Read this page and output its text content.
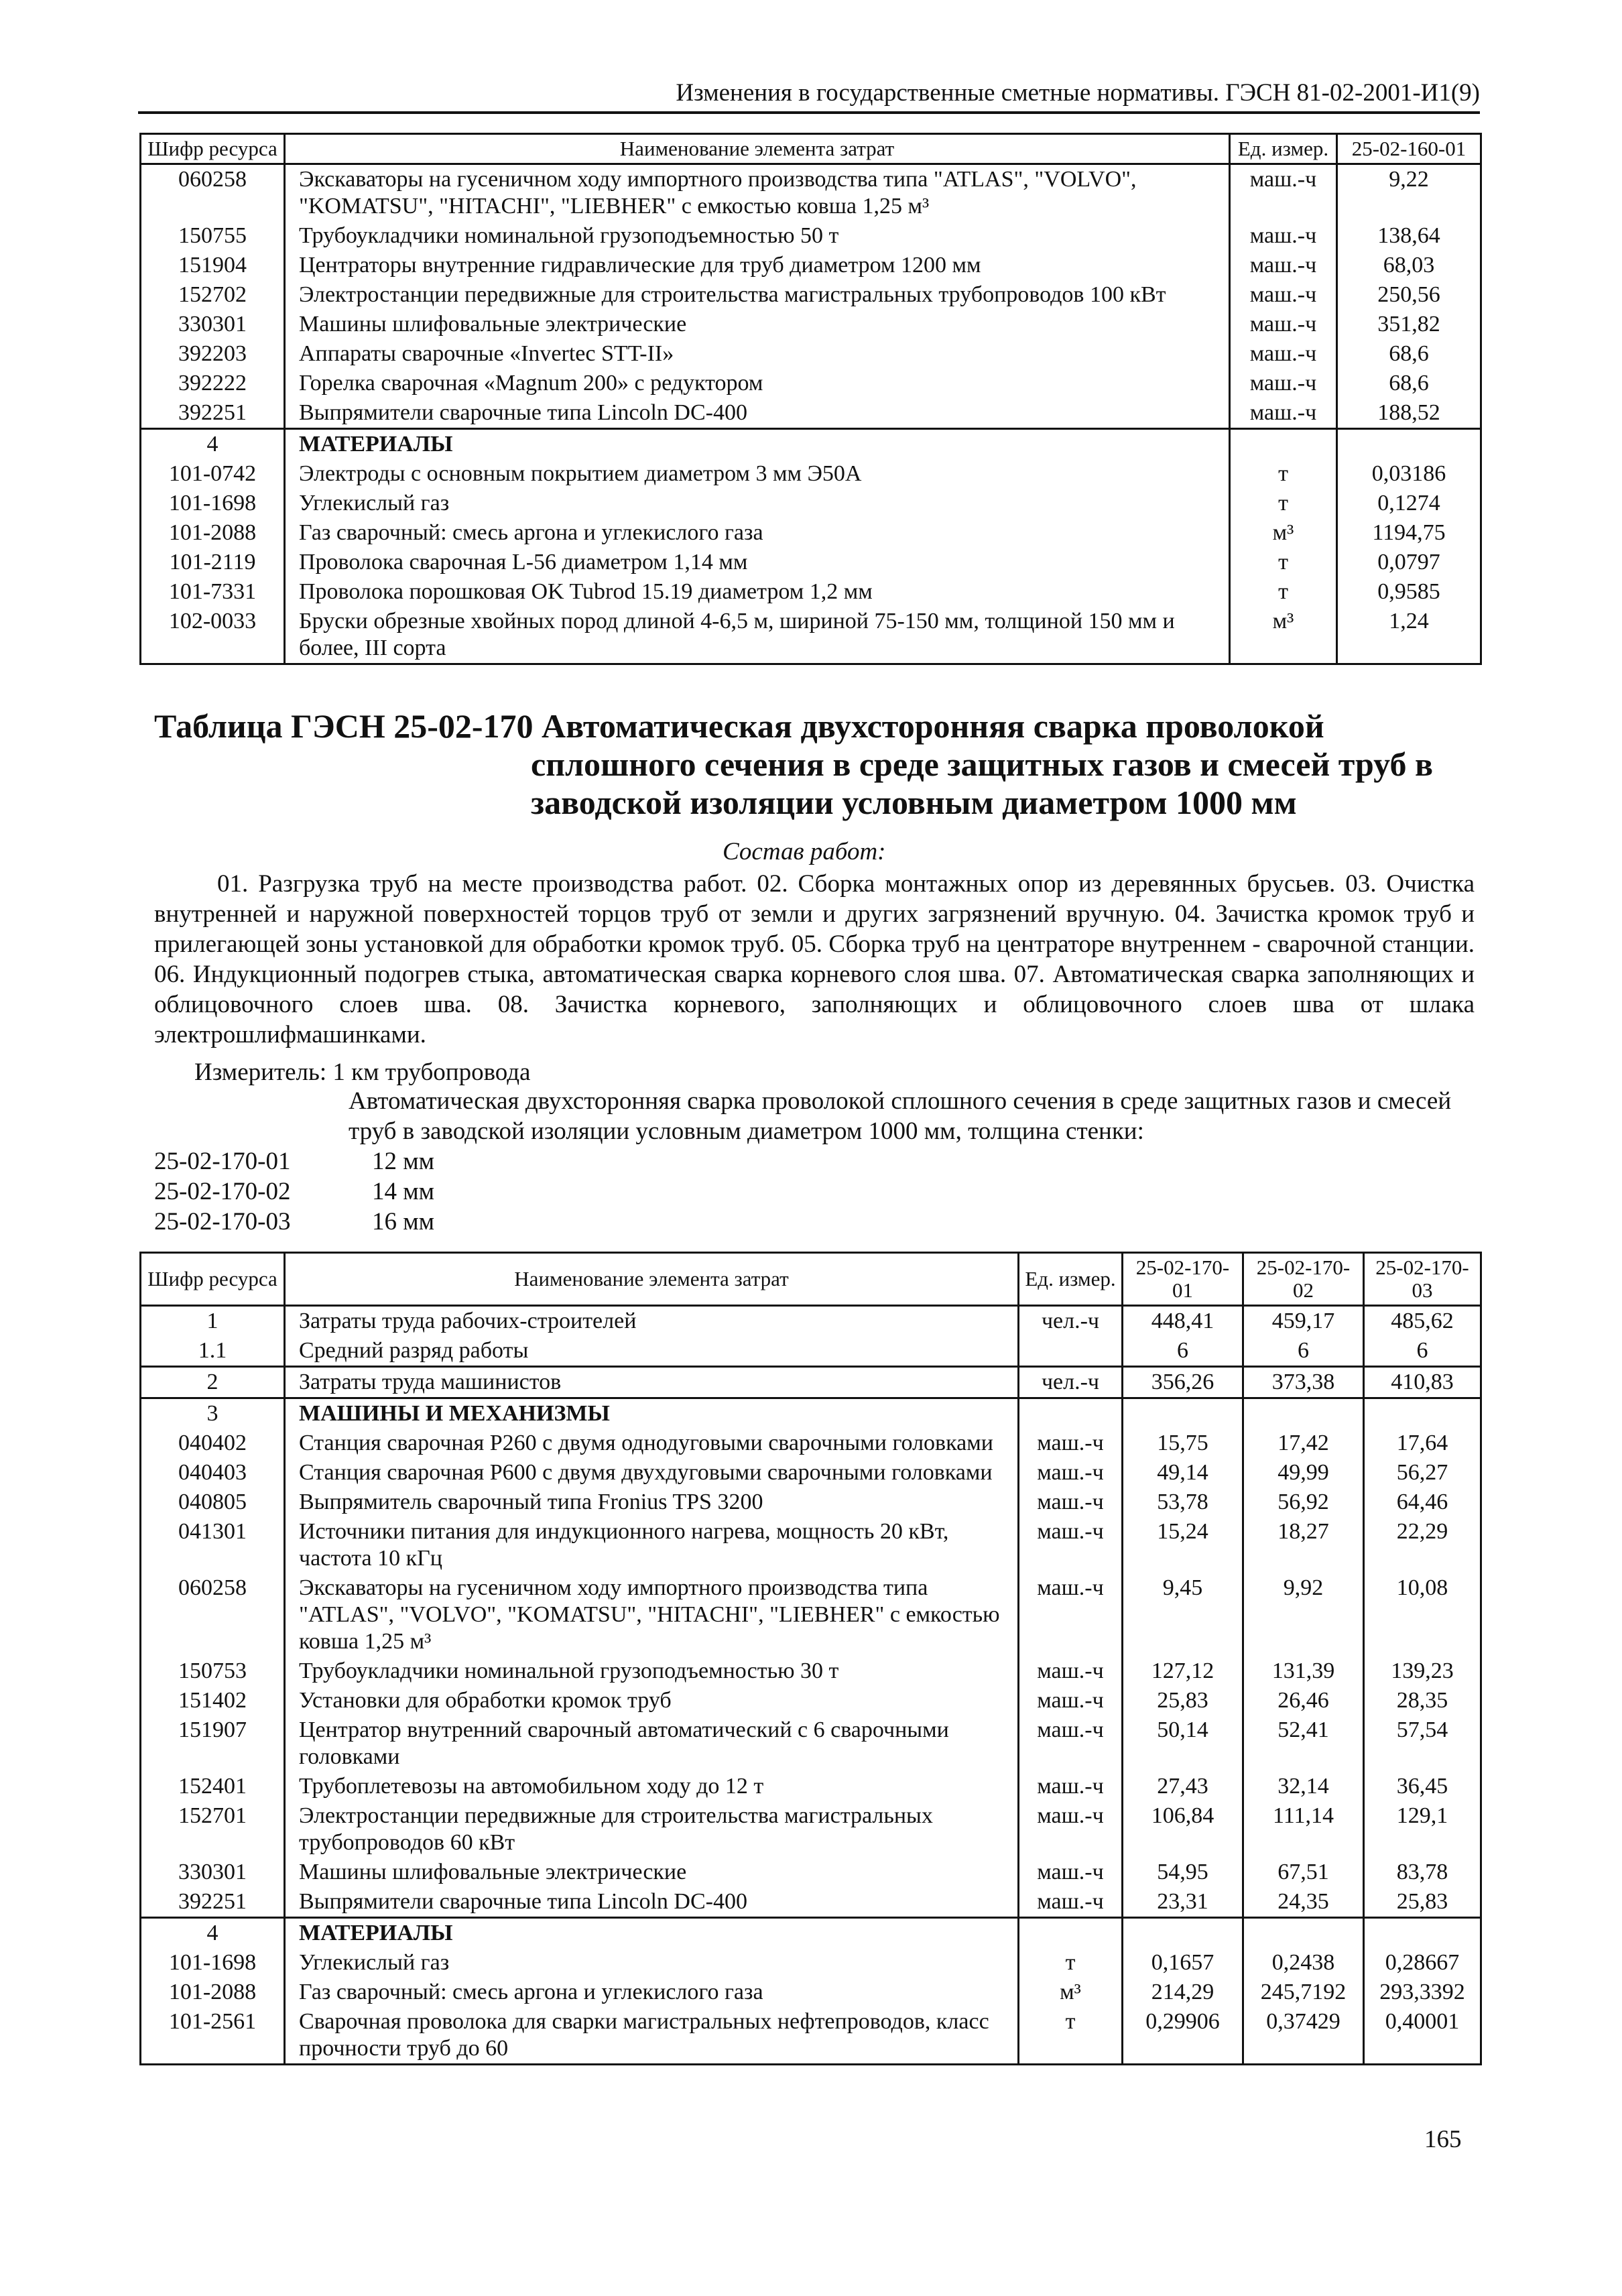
Изменения в государственные сметные нормативы. ГЭСН 81-02-2001-И1(9)
Шифр ресурса	Наименование элемента затрат	Ед. измер.	25-02-160-01
060258	Экскаваторы на гусеничном ходу импортного производства типа "ATLAS", "VOLVO", "KOMATSU", "HITACHI", "LIEBHER" с емкостью ковша 1,25 м³	маш.-ч	9,22
150755	Трубоукладчики номинальной грузоподъемностью 50 т	маш.-ч	138,64
151904	Центраторы внутренние гидравлические для труб диаметром 1200 мм	маш.-ч	68,03
152702	Электростанции передвижные для строительства магистральных трубопроводов 100 кВт	маш.-ч	250,56
330301	Машины шлифовальные электрические	маш.-ч	351,82
392203	Аппараты сварочные «Invertec STT-II»	маш.-ч	68,6
392222	Горелка сварочная «Magnum 200» с редуктором	маш.-ч	68,6
392251	Выпрямители сварочные типа Lincoln DC-400	маш.-ч	188,52
4	МАТЕРИАЛЫ		
101-0742	Электроды с основным покрытием диаметром 3 мм Э50А	т	0,03186
101-1698	Углекислый газ	т	0,1274
101-2088	Газ сварочный: смесь аргона и углекислого газа	м³	1194,75
101-2119	Проволока сварочная L-56 диаметром 1,14 мм	т	0,0797
101-7331	Проволока порошковая OK Tubrod 15.19 диаметром 1,2 мм	т	0,9585
102-0033	Бруски обрезные хвойных пород длиной 4-6,5 м, шириной 75-150 мм, толщиной 150 мм и более, III сорта	м³	1,24
Таблица ГЭСН 25-02-170 Автоматическая двухсторонняя сварка проволокой
сплошного сечения в среде защитных газов и смесей труб в
заводской изоляции условным диаметром 1000 мм
Состав работ:
01. Разгрузка труб на месте производства работ. 02. Сборка монтажных опор из деревянных брусьев. 03. Очистка внутренней и наружной поверхностей торцов труб от земли и других загрязнений вручную. 04. Зачистка кромок труб и прилегающей зоны установкой для обработки кромок труб. 05. Сборка труб на центраторе внутреннем - сварочной станции. 06. Индукционный подогрев стыка, автоматическая сварка корневого слоя шва. 07. Автоматическая сварка заполняющих и облицовочного слоев шва. 08. Зачистка корневого, заполняющих и облицовочного слоев шва от шлака электрошлифмашинками.
Измеритель: 1 км трубопровода
Автоматическая двухсторонняя сварка проволокой сплошного сечения в среде защитных газов и смесей труб в заводской изоляции условным диаметром 1000 мм, толщина стенки:
25-02-170-01	12 мм
25-02-170-02	14 мм
25-02-170-03	16 мм
Шифр ресурса	Наименование элемента затрат	Ед. измер.	25-02-170-01	25-02-170-02	25-02-170-03
1	Затраты труда рабочих-строителей	чел.-ч	448,41	459,17	485,62
1.1	Средний разряд работы		6	6	6
2	Затраты труда машинистов	чел.-ч	356,26	373,38	410,83
3	МАШИНЫ И МЕХАНИЗМЫ				
040402	Станция сварочная P260 с двумя однодуговыми сварочными головками	маш.-ч	15,75	17,42	17,64
040403	Станция сварочная P600 с двумя двухдуговыми сварочными головками	маш.-ч	49,14	49,99	56,27
040805	Выпрямитель сварочный типа Fronius TPS 3200	маш.-ч	53,78	56,92	64,46
041301	Источники питания для индукционного нагрева, мощность 20 кВт, частота 10 кГц	маш.-ч	15,24	18,27	22,29
060258	Экскаваторы на гусеничном ходу импортного производства типа "ATLAS", "VOLVO", "KOMATSU", "HITACHI", "LIEBHER" с емкостью ковша 1,25 м³	маш.-ч	9,45	9,92	10,08
150753	Трубоукладчики номинальной грузоподъемностью 30 т	маш.-ч	127,12	131,39	139,23
151402	Установки для обработки кромок труб	маш.-ч	25,83	26,46	28,35
151907	Центратор внутренний сварочный автоматический с 6 сварочными головками	маш.-ч	50,14	52,41	57,54
152401	Трубоплетевозы на автомобильном ходу до 12 т	маш.-ч	27,43	32,14	36,45
152701	Электростанции передвижные для строительства магистральных трубопроводов 60 кВт	маш.-ч	106,84	111,14	129,1
330301	Машины шлифовальные электрические	маш.-ч	54,95	67,51	83,78
392251	Выпрямители сварочные типа Lincoln DC-400	маш.-ч	23,31	24,35	25,83
4	МАТЕРИАЛЫ				
101-1698	Углекислый газ	т	0,1657	0,2438	0,28667
101-2088	Газ сварочный: смесь аргона и углекислого газа	м³	214,29	245,7192	293,3392
101-2561	Сварочная проволока для сварки магистральных нефтепроводов, класс прочности труб до 60	т	0,29906	0,37429	0,40001
165
